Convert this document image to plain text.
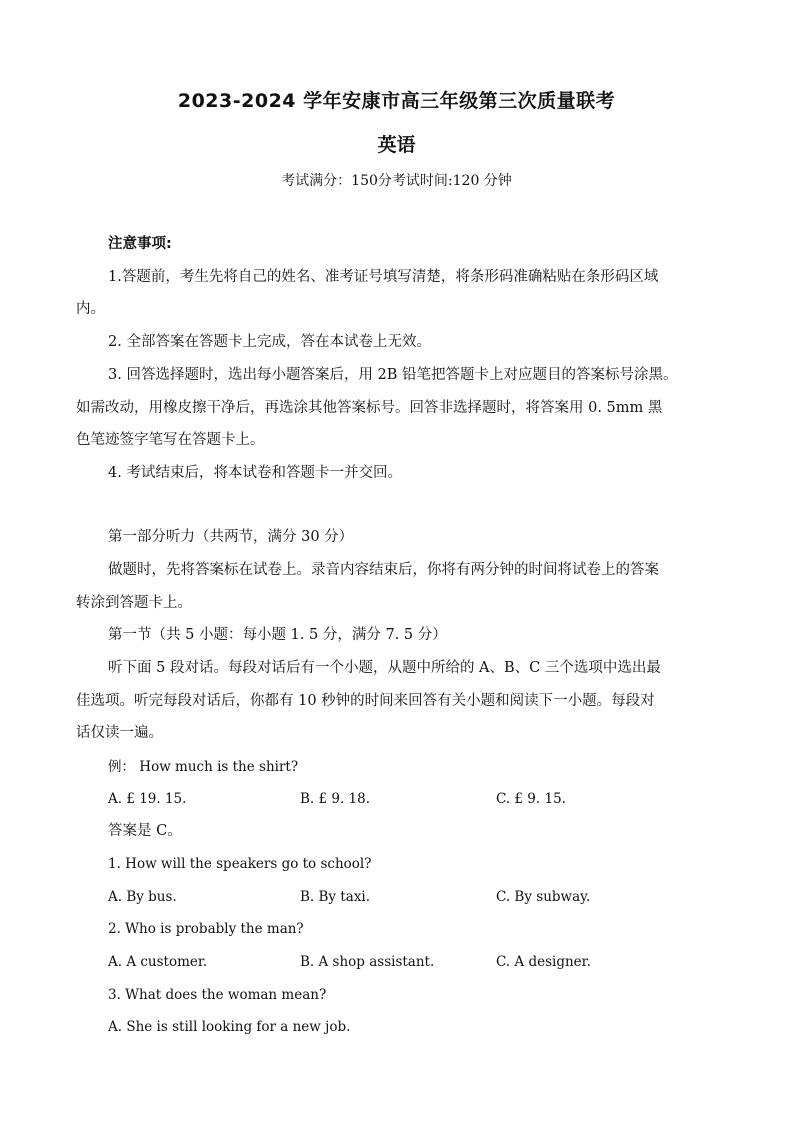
2023-2024 学年安康市高三年级第三次质量联考
英语
考试满分：150分考试时间:120 分钟
注意事项:
1.答题前，考生先将自己的姓名、准考证号填写清楚，将条形码准确粘贴在条形码区域
内。
2. 全部答案在答题卡上完成，答在本试卷上无效。
3. 回答选择题时，选出每小题答案后，用 2B 铅笔把答题卡上对应题目的答案标号涂黑。
如需改动，用橡皮擦干净后，再选涂其他答案标号。回答非选择题时，将答案用 0. 5mm 黑
色笔迹签字笔写在答题卡上。
4. 考试结束后，将本试卷和答题卡一并交回。
第一部分听力（共两节，满分 30 分）
做题时，先将答案标在试卷上。录音内容结束后，你将有两分钟的时间将试卷上的答案
转涂到答题卡上。
第一节（共 5 小题：每小题 1. 5 分，满分 7. 5 分）
听下面 5 段对话。每段对话后有一个小题，从题中所给的 A、B、C 三个选项中选出最
佳选项。听完每段对话后，你都有 10 秒钟的时间来回答有关小题和阅读下一小题。每段对
话仅读一遍。
例： How much is the shirt?
A. £ 19. 15.	B. £ 9. 18.	C. £ 9. 15.
答案是 C。
1. How will the speakers go to school?
A. By bus.	B. By taxi.	C. By subway.
2. Who is probably the man?
A. A customer.	B. A shop assistant.	C. A designer.
3. What does the woman mean?
A. She is still looking for a new job.
